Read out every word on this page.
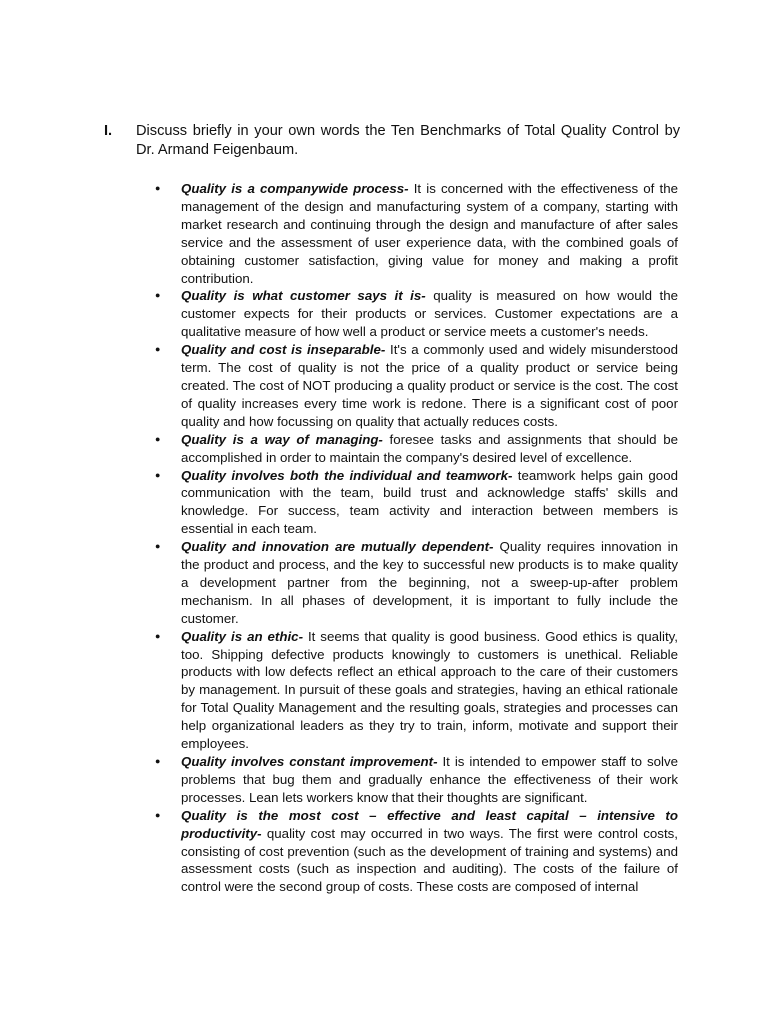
I.	Discuss briefly in your own words the Ten Benchmarks of Total Quality Control by Dr. Armand Feigenbaum.
●	Quality is a companywide process- It is concerned with the effectiveness of the management of the design and manufacturing system of a company, starting with market research and continuing through the design and manufacture of after sales service and the assessment of user experience data, with the combined goals of obtaining customer satisfaction, giving value for money and making a profit contribution.
●	Quality is what customer says it is- quality is measured on how would the customer expects for their products or services. Customer expectations are a qualitative measure of how well a product or service meets a customer's needs.
●	Quality and cost is inseparable- It's a commonly used and widely misunderstood term. The cost of quality is not the price of a quality product or service being created. The cost of NOT producing a quality product or service is the cost. The cost of quality increases every time work is redone. There is a significant cost of poor quality and how focussing on quality that actually reduces costs.
●	Quality is a way of managing- foresee tasks and assignments that should be accomplished in order to maintain the company's desired level of excellence.
●	Quality involves both the individual and teamwork- teamwork helps gain good communication with the team, build trust and acknowledge staffs' skills and knowledge. For success, team activity and interaction between members is essential in each team.
●	Quality and innovation are mutually dependent- Quality requires innovation in the product and process, and the key to successful new products is to make quality a development partner from the beginning, not a sweep-up-after problem mechanism. In all phases of development, it is important to fully include the customer.
●	Quality is an ethic- It seems that quality is good business. Good ethics is quality, too. Shipping defective products knowingly to customers is unethical. Reliable products with low defects reflect an ethical approach to the care of their customers by management. In pursuit of these goals and strategies, having an ethical rationale for Total Quality Management and the resulting goals, strategies and processes can help organizational leaders as they try to train, inform, motivate and support their employees.
●	Quality involves constant improvement- It is intended to empower staff to solve problems that bug them and gradually enhance the effectiveness of their work processes. Lean lets workers know that their thoughts are significant.
●	Quality is the most cost – effective and least capital – intensive to productivity- quality cost may occurred in two ways. The first were control costs, consisting of cost prevention (such as the development of training and systems) and assessment costs (such as inspection and auditing). The costs of the failure of control were the second group of costs. These costs are composed of internal
